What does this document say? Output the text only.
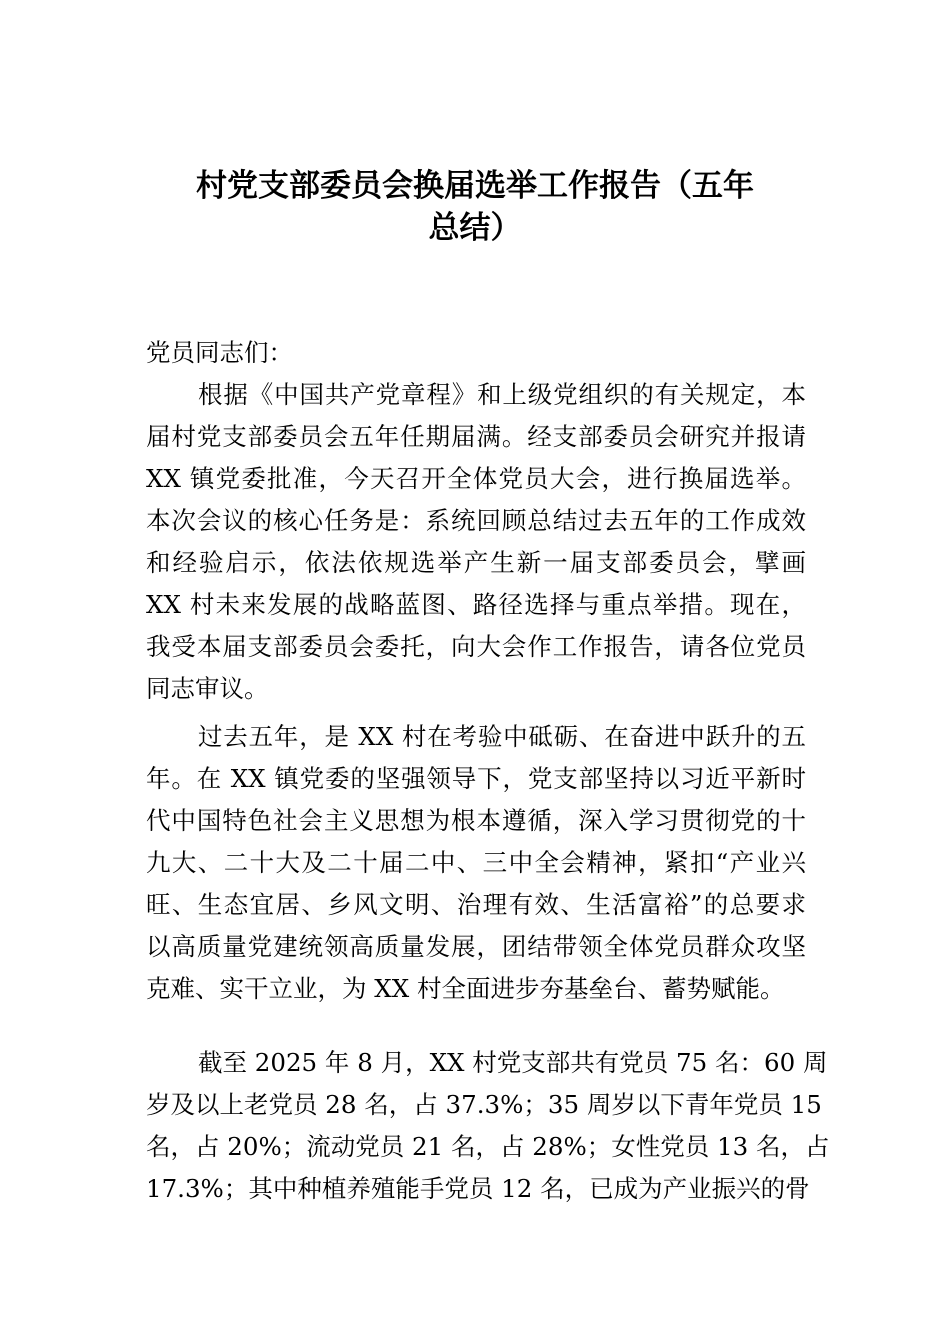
村党支部委员会换届选举工作报告（五年
总结）
党员同志们：
根据《中国共产党章程》和上级党组织的有关规定，本
届村党支部委员会五年任期届满。经支部委员会研究并报请
XX 镇党委批准，今天召开全体党员大会，进行换届选举。
本次会议的核心任务是：系统回顾总结过去五年的工作成效
和经验启示，依法依规选举产生新一届支部委员会，擘画
XX 村未来发展的战略蓝图、路径选择与重点举措。现在，
我受本届支部委员会委托，向大会作工作报告，请各位党员
同志审议。
过去五年，是 XX 村在考验中砥砺、在奋进中跃升的五
年。在 XX 镇党委的坚强领导下，党支部坚持以习近平新时
代中国特色社会主义思想为根本遵循，深入学习贯彻党的十
九大、二十大及二十届二中、三中全会精神，紧扣“产业兴
旺、生态宜居、乡风文明、治理有效、生活富裕”的总要求
以高质量党建统领高质量发展，团结带领全体党员群众攻坚
克难、实干立业，为 XX 村全面进步夯基垒台、蓄势赋能。
截至 2025 年 8 月，XX 村党支部共有党员 75 名：60 周
岁及以上老党员 28 名，占 37.3%；35 周岁以下青年党员 15
名，占 20%；流动党员 21 名，占 28%；女性党员 13 名，占
17.3%；其中种植养殖能手党员 12 名，已成为产业振兴的骨
